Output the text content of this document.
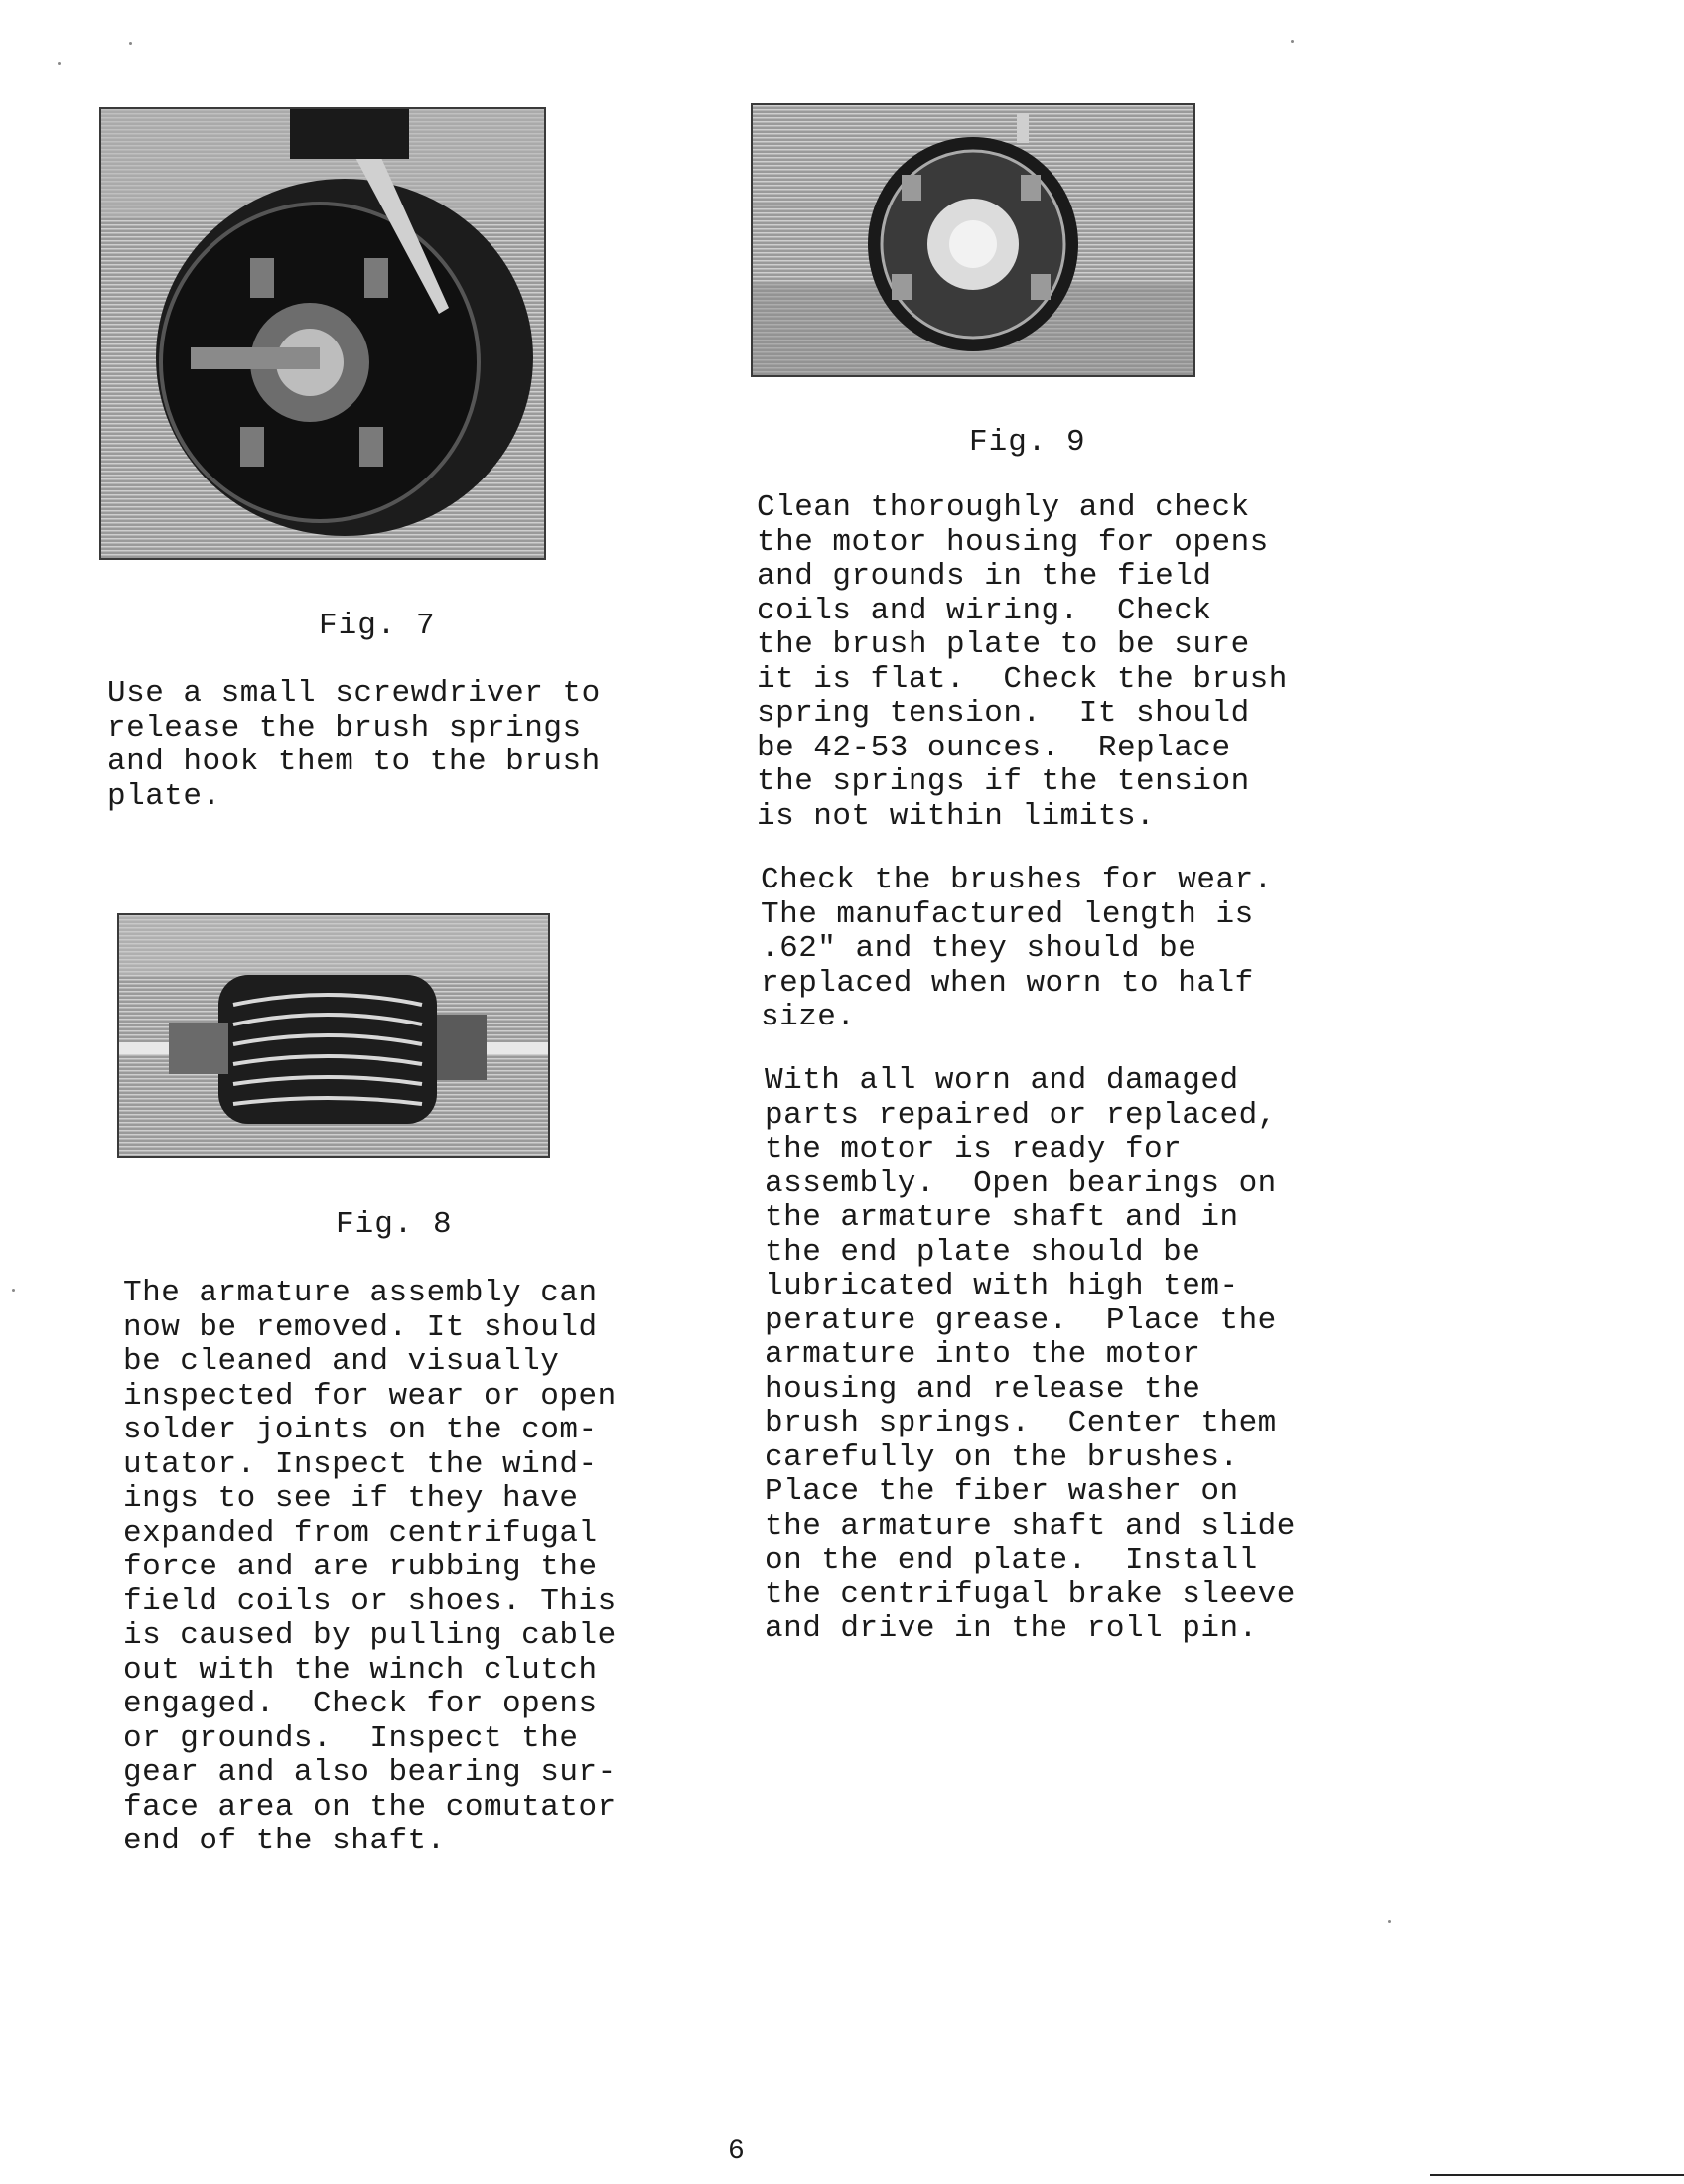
Fig. 7

Use a small screwdriver to
release the brush springs
and hook them to the brush
plate.

Fig. 8

The armature assembly can
now be removed. It should
be cleaned and visually
inspected for wear or open
solder joints on the com-
utator. Inspect the wind-
ings to see if they have
expanded from centrifugal
force and are rubbing the
field coils or shoes. This
is caused by pulling cable
out with the winch clutch
engaged.  Check for opens
or grounds.  Inspect the
gear and also bearing sur-
face area on the comutator
end of the shaft.

Fig. 9

Clean thoroughly and check
the motor housing for opens
and grounds in the field
coils and wiring.  Check
the brush plate to be sure
it is flat.  Check the brush
spring tension.  It should
be 42-53 ounces.  Replace
the springs if the tension
is not within limits.

Check the brushes for wear.
The manufactured length is
.62" and they should be
replaced when worn to half
size.

With all worn and damaged
parts repaired or replaced,
the motor is ready for
assembly.  Open bearings on
the armature shaft and in
the end plate should be
lubricated with high tem-
perature grease.  Place the
armature into the motor
housing and release the
brush springs.  Center them
carefully on the brushes.
Place the fiber washer on
the armature shaft and slide
on the end plate.  Install
the centrifugal brake sleeve
and drive in the roll pin.

6
